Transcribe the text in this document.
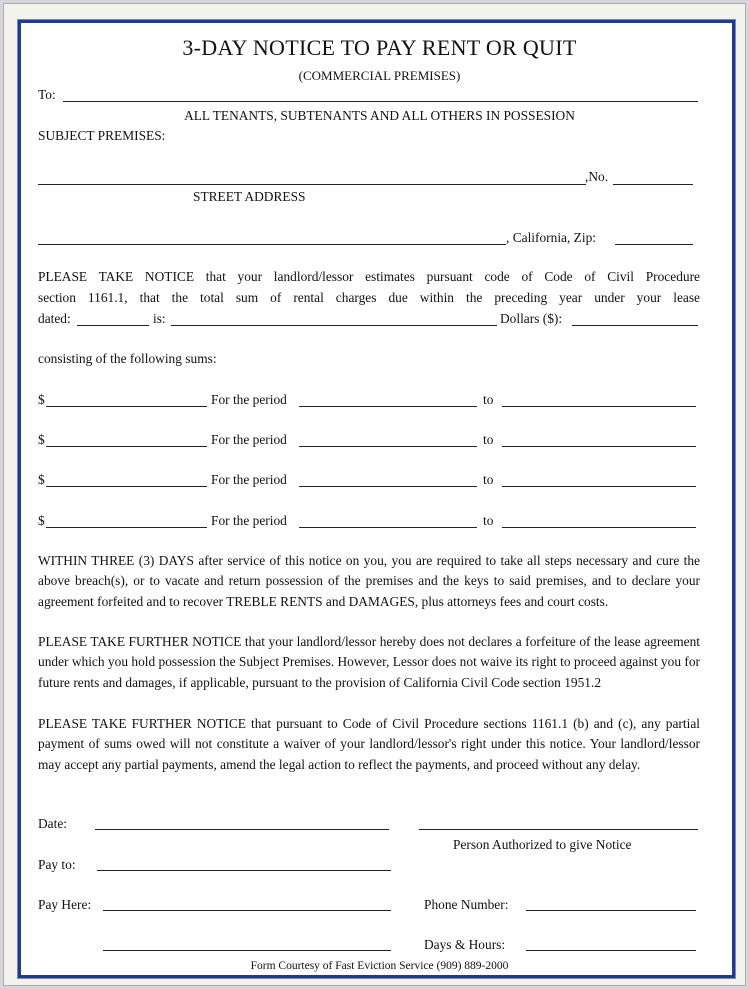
3-DAY NOTICE TO PAY RENT OR QUIT
(COMMERCIAL PREMISES)
To:
ALL TENANTS, SUBTENANTS AND ALL OTHERS IN POSSESION
SUBJECT PREMISES:
,No.
STREET ADDRESS
, California, Zip:
PLEASE TAKE NOTICE that your landlord/lessor estimates pursuant code of Code of Civil Procedure
section 1161.1, that the total sum of rental charges due within the preceding year under your lease
dated:	is:	Dollars ($):
consisting of the following sums:
$	For the period	to
$	For the period	to
$	For the period	to
$	For the period	to
WITHIN THREE (3) DAYS after service of this notice on you, you are required to take all steps necessary and cure the above breach(s), or to vacate and return possession of the premises and the keys to said premises, and to declare your agreement forfeited and to recover TREBLE RENTS and DAMAGES, plus attorneys fees and court costs.
PLEASE TAKE FURTHER NOTICE that your landlord/lessor hereby does not declares a forfeiture of the lease agreement under which you hold possession the Subject Premises. However, Lessor does not waive its right to proceed against you for future rents and damages, if applicable, pursuant to the provision of California Civil Code section 1951.2
PLEASE TAKE FURTHER NOTICE that pursuant to Code of Civil Procedure sections 1161.1 (b) and (c), any partial payment of sums owed will not constitute a waiver of your landlord/lessor's right under this notice. Your landlord/lessor may accept any partial payments, amend the legal action to reflect the payments, and proceed without any delay.
Date:
Person Authorized to give Notice
Pay to:
Pay Here:	Phone Number:
Days & Hours:
Form Courtesy of Fast Eviction Service (909) 889-2000
